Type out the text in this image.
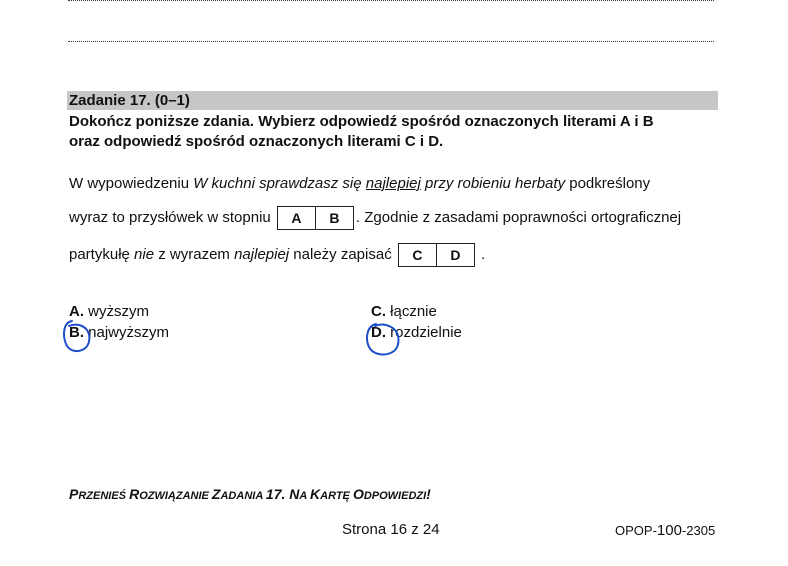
Zadanie 17. (0–1)
Dokończ poniższe zdania. Wybierz odpowiedź spośród oznaczonych literami A i B
oraz odpowiedź spośród oznaczonych literami C i D.
W wypowiedzeniu W kuchni sprawdzasz się najlepiej przy robieniu herbaty podkreślony
wyraz to przysłówek w stopniu	A	B	. Zgodnie z zasadami poprawności ortograficznej
partykułę nie z wyrazem najlepiej należy zapisać	C	D	.
A. wyższym
B. najwyższym
C. łącznie
D. rozdzielnie
PRZENIEŚ ROZWIĄZANIE ZADANIA 17. NA KARTĘ ODPOWIEDZI!
Strona 16 z 24	OPOP-100-2305
